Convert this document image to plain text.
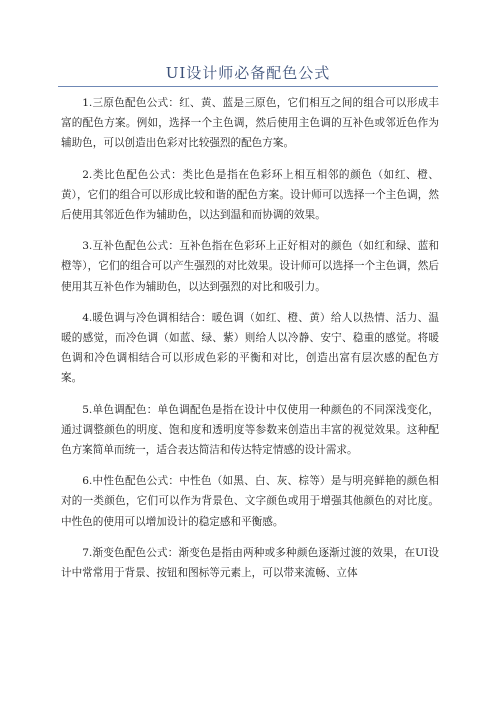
UI设计师必备配色公式

1.三原色配色公式：红、黄、蓝是三原色，它们相互之间的组合可以形成丰富的配色方案。例如，选择一个主色调，然后使用主色调的互补色或邻近色作为辅助色，可以创造出色彩对比较强烈的配色方案。

2.类比色配色公式：类比色是指在色彩环上相互相邻的颜色（如红、橙、黄），它们的组合可以形成比较和谐的配色方案。设计师可以选择一个主色调，然后使用其邻近色作为辅助色，以达到温和而协调的效果。

3.互补色配色公式：互补色指在色彩环上正好相对的颜色（如红和绿、蓝和橙等），它们的组合可以产生强烈的对比效果。设计师可以选择一个主色调，然后使用其互补色作为辅助色，以达到强烈的对比和吸引力。

4.暖色调与冷色调相结合：暖色调（如红、橙、黄）给人以热情、活力、温暖的感觉，而冷色调（如蓝、绿、紫）则给人以冷静、安宁、稳重的感觉。将暖色调和冷色调相结合可以形成色彩的平衡和对比，创造出富有层次感的配色方案。

5.单色调配色：单色调配色是指在设计中仅使用一种颜色的不同深浅变化，通过调整颜色的明度、饱和度和透明度等参数来创造出丰富的视觉效果。这种配色方案简单而统一，适合表达简洁和传达特定情感的设计需求。

6.中性色配色公式：中性色（如黑、白、灰、棕等）是与明亮鲜艳的颜色相对的一类颜色，它们可以作为背景色、文字颜色或用于增强其他颜色的对比度。中性色的使用可以增加设计的稳定感和平衡感。

7.渐变色配色公式：渐变色是指由两种或多种颜色逐渐过渡的效果，在UI设计中常常用于背景、按钮和图标等元素上，可以带来流畅、立体
